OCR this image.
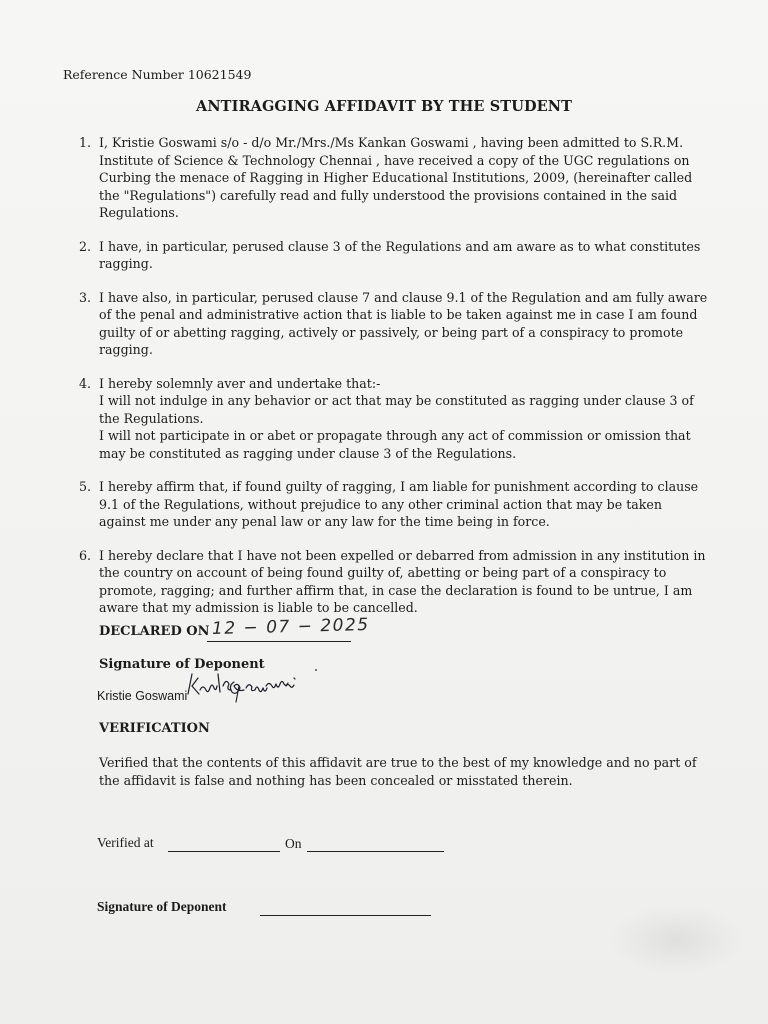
Reference Number 10621549
ANTIRAGGING AFFIDAVIT BY THE STUDENT
1. I, Kristie Goswami s/o - d/o Mr./Mrs./Ms Kankan Goswami , having been admitted to S.R.M.
Institute of Science & Technology Chennai , have received a copy of the UGC regulations on
Curbing the menace of Ragging in Higher Educational Institutions, 2009, (hereinafter called
the "Regulations") carefully read and fully understood the provisions contained in the said
Regulations.
2. I have, in particular, perused clause 3 of the Regulations and am aware as to what constitutes
ragging.
3. I have also, in particular, perused clause 7 and clause 9.1 of the Regulation and am fully aware
of the penal and administrative action that is liable to be taken against me in case I am found
guilty of or abetting ragging, actively or passively, or being part of a conspiracy to promote
ragging.
4. I hereby solemnly aver and undertake that:-
I will not indulge in any behavior or act that may be constituted as ragging under clause 3 of
the Regulations.
I will not participate in or abet or propagate through any act of commission or omission that
may be constituted as ragging under clause 3 of the Regulations.
5. I hereby affirm that, if found guilty of ragging, I am liable for punishment according to clause
9.1 of the Regulations, without prejudice to any other criminal action that may be taken
against me under any penal law or any law for the time being in force.
6. I hereby declare that I have not been expelled or debarred from admission in any institution in
the country on account of being found guilty of, abetting or being part of a conspiracy to
promote, ragging; and further affirm that, in case the declaration is found to be untrue, I am
aware that my admission is liable to be cancelled.
DECLARED ON 12 − 07 − 2025
Signature of Deponent
Kristie Goswami
VERIFICATION
Verified that the contents of this affidavit are true to the best of my knowledge and no part of the affidavit is false and nothing has been concealed or misstated therein.
Verified at	On
Signature of Deponent
